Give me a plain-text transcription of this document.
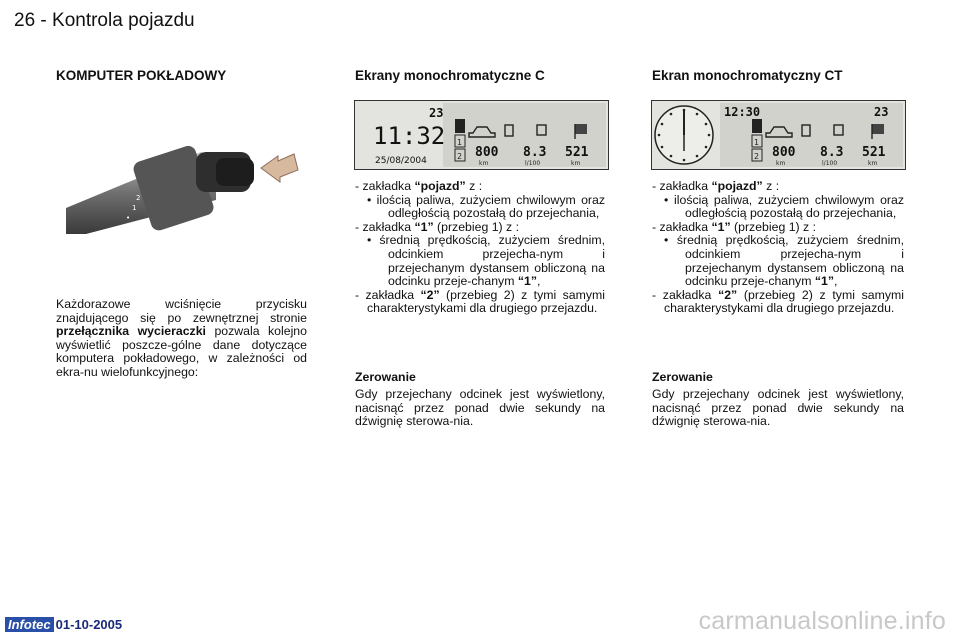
26 - Kontrola pojazdu
KOMPUTER POKŁADOWY
2
1
•
Każdorazowe wciśnięcie przycisku znajdującego się po zewnętrznej stronie przełącznika wycieraczki pozwala kolejno wyświetlić poszcze-gólne dane dotyczące komputera pokładowego, w zależności od ekra-nu wielofunkcyjnego:
Ekrany monochromatyczne C
23
11:32
25/08/2004
1
2 800 8.3 521
km	l/100	km
- zakładka “pojazd” z :
• ilością paliwa, zużyciem chwilowym oraz odległością pozostałą do przejechania,
- zakładka “1” (przebieg 1) z :
• średnią prędkością, zużyciem średnim, odcinkiem przejecha-nym i przejechanym dystansem obliczoną na odcinku przeje-chanym “1”,
- zakładka “2” (przebieg 2) z tymi samymi charakterystykami dla drugiego przejazdu.
Zerowanie
Gdy przejechany odcinek jest wyświetlony, nacisnąć przez ponad dwie sekundy na dźwignię sterowa-nia.
Ekran monochromatyczny CT
12:30	23
1
2 800 8.3 521
km	l/100	km
- zakładka “pojazd” z :
• ilością paliwa, zużyciem chwilowym oraz odległością pozostałą do przejechania,
- zakładka “1” (przebieg 1) z :
• średnią prędkością, zużyciem średnim, odcinkiem przejecha-nym i przejechanym dystansem obliczoną na odcinku przeje-chanym “1”,
- zakładka “2” (przebieg 2) z tymi samymi charakterystykami dla drugiego przejazdu.
Zerowanie
Gdy przejechany odcinek jest wyświetlony, nacisnąć przez ponad dwie sekundy na dźwignię sterowa-nia.
Infotec 01-10-2005	carmanualsonline.info
